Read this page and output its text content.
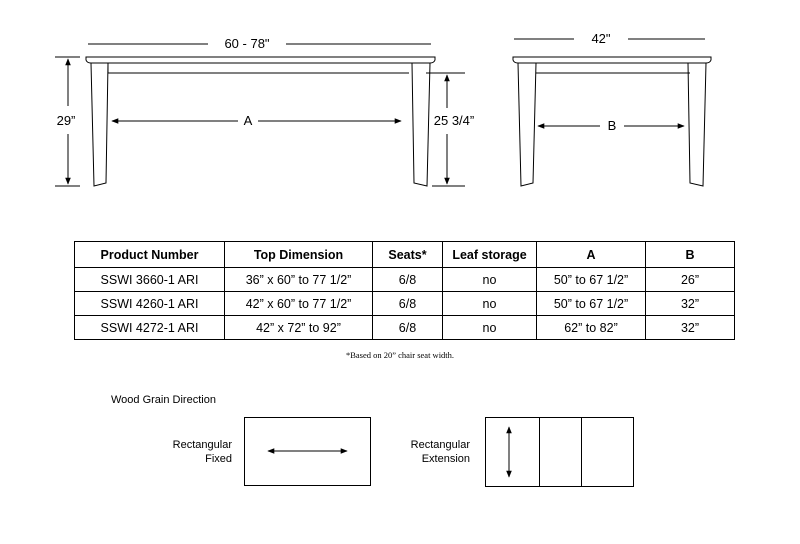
60 - 78"
29”	A	25 3/4”
42"
B
Product Number	Top Dimension	Seats*	Leaf storage	A	B
SSWI 3660-1 ARI	36” x 60” to 77 1/2”	6/8	no	50” to 67 1/2”	26”
SSWI 4260-1 ARI	42” x 60” to 77 1/2”	6/8	no	50” to 67 1/2”	32”
SSWI 4272-1 ARI	42” x 72” to 92”	6/8	no	62” to 82”	32”
*Based on 20” chair seat width.
Wood Grain Direction
Rectangular
Fixed
Rectangular
Extension
